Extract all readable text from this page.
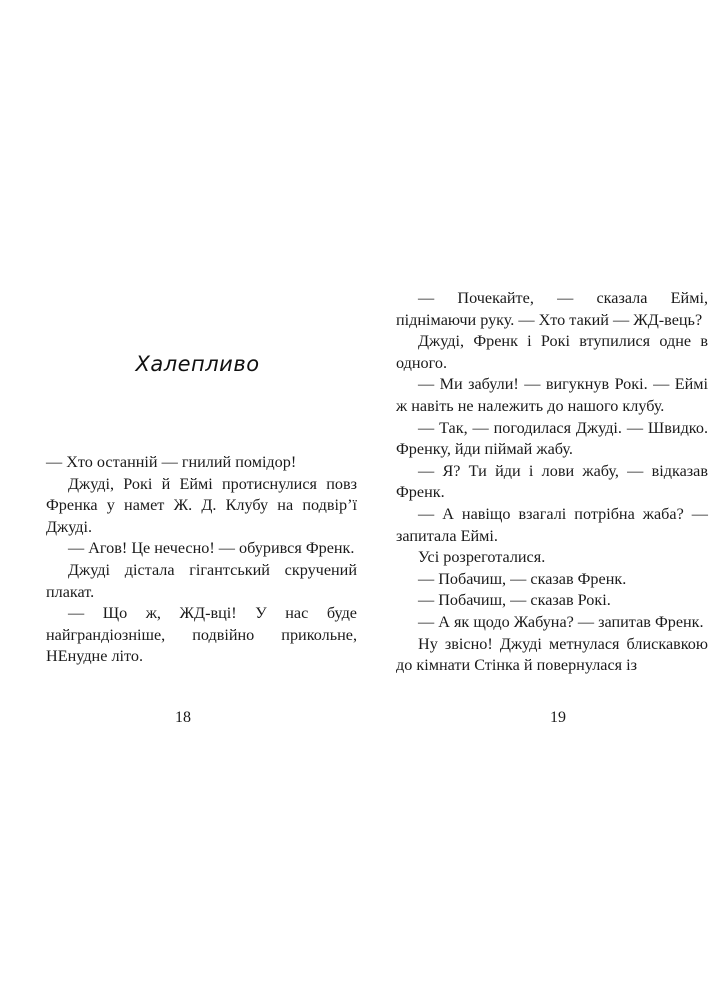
Халепливо

— Хто останній — гнилий помідор!

Джуді, Рокі й Еймі протиснулися повз Френка у намет Ж. Д. Клубу на подвір’ї Джуді.

— Агов! Це нечесно! — обурився Френк.

Джуді дістала гігантський скручений плакат.

— Що ж, ЖД-вці! У нас буде найграндіозніше, подвійно прикольне, НЕнудне літо.

18

— Почекайте, — сказала Еймі, піднімаючи руку. — Хто такий — ЖД-вець?

Джуді, Френк і Рокі втупилися одне в одного.

— Ми забули! — вигукнув Рокі. — Еймі ж навіть не належить до нашого клубу.

— Так, — погодилася Джуді. — Швидко. Френку, йди піймай жабу.

— Я? Ти йди і лови жабу, — відказав Френк.

— А навіщо взагалі потрібна жаба? — запитала Еймі.

Усі розреготалися.

— Побачиш, — сказав Френк.

— Побачиш, — сказав Рокі.

— А як щодо Жабуна? — запитав Френк.

Ну звісно! Джуді метнулася блискавкою до кімнати Стінка й повернулася із

19
